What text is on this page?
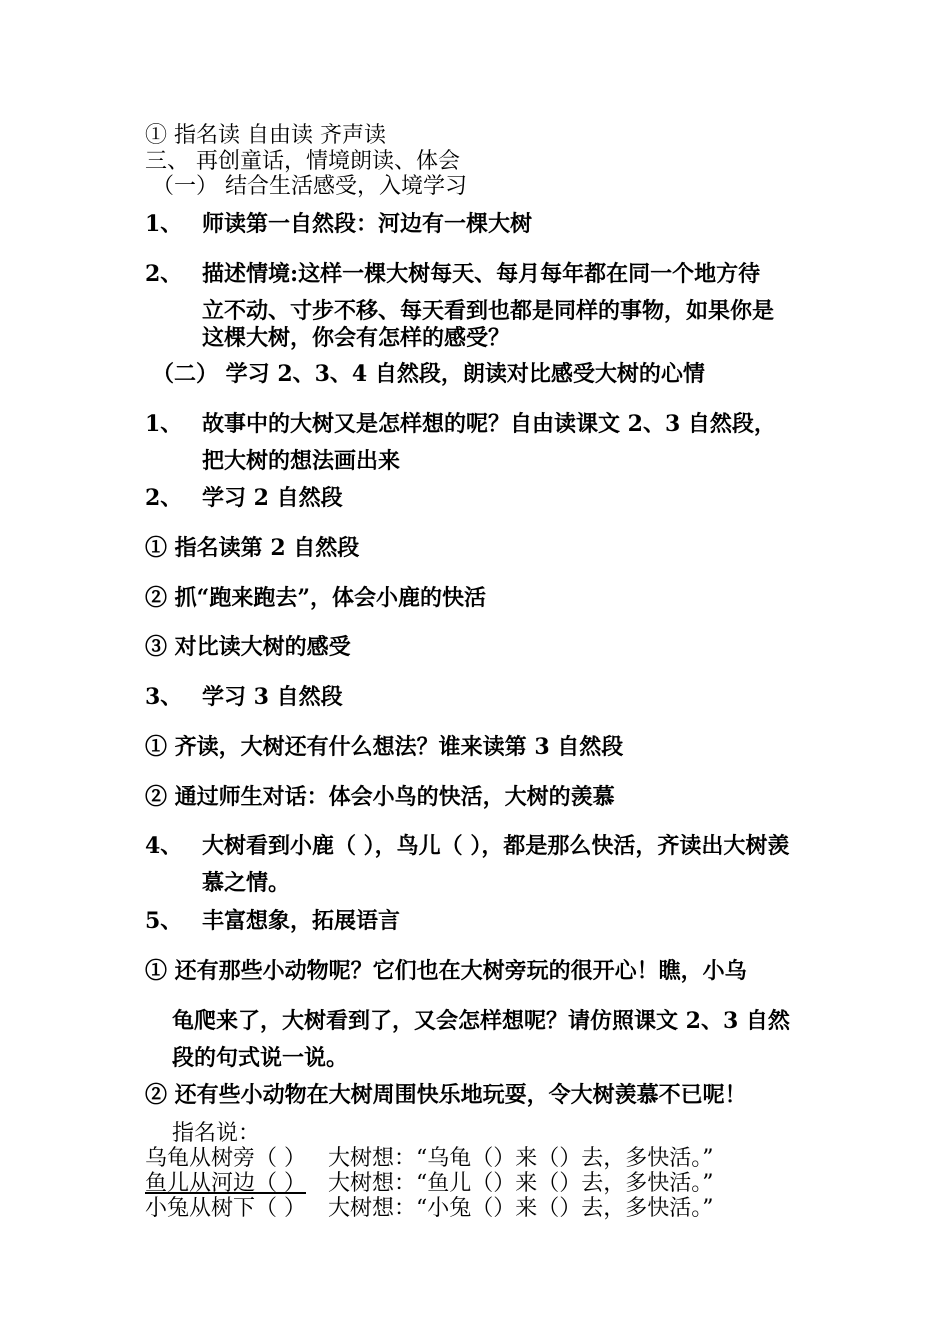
① 指名读 自由读 齐声读

三、 再创童话，情境朗读、体会

（一） 结合生活感受，入境学习

1、 师读第一自然段：河边有一棵大树

2、 描述情境:这样一棵大树每天、每月每年都在同一个地方待

立不动、寸步不移、每天看到也都是同样的事物，如果你是

这棵大树，你会有怎样的感受？

（二） 学习 2、3、4 自然段，朗读对比感受大树的心情

1、 故事中的大树又是怎样想的呢？自由读课文 2、3 自然段，

把大树的想法画出来

2、 学习 2 自然段

① 指名读第 2 自然段

② 抓“跑来跑去”，体会小鹿的快活

③ 对比读大树的感受

3、 学习 3 自然段

① 齐读，大树还有什么想法？谁来读第 3 自然段

② 通过师生对话：体会小鸟的快活，大树的羡慕

4、 大树看到小鹿（ ），鸟儿（ ），都是那么快活，齐读出大树羡

慕之情。

5、 丰富想象，拓展语言

① 还有那些小动物呢？它们也在大树旁玩的很开心！瞧，小乌

龟爬来了，大树看到了，又会怎样想呢？请仿照课文 2、3 自然

段的句式说一说。

② 还有些小动物在大树周围快乐地玩耍，令大树羡慕不已呢！

指名说：

乌龟从树旁（ ） 大树想：“乌龟（）来（）去，多快活。”

鱼儿从河边（ ） 大树想：“鱼儿（）来（）去，多快活。”

小兔从树下（ ） 大树想：“小兔（）来（）去，多快活。”
